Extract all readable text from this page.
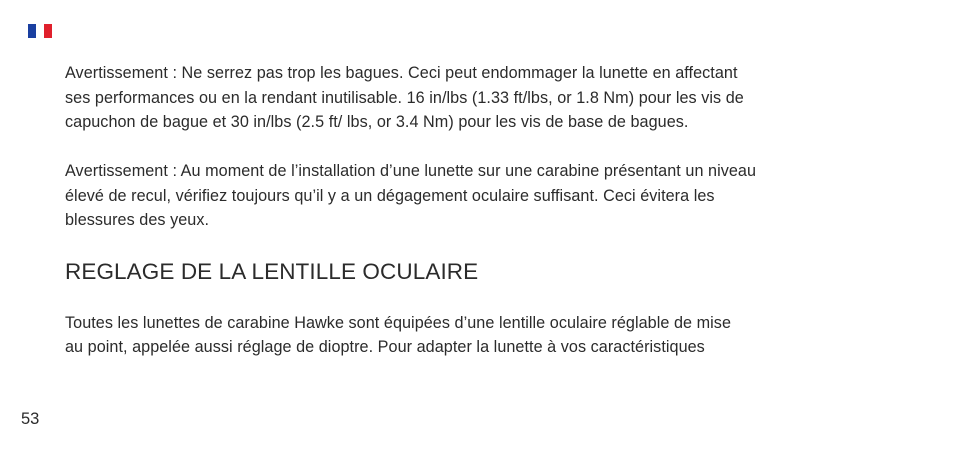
Avertissement : Ne serrez pas trop les bagues. Ceci peut endommager la lunette en affectant
ses performances ou en la rendant inutilisable. 16 in/lbs (1.33 ft/lbs, or 1.8 Nm) pour les vis de
capuchon de bague et 30 in/lbs (2.5 ft/ lbs, or 3.4 Nm) pour les vis de base de bagues.

Avertissement : Au moment de l’installation d’une lunette sur une carabine présentant un niveau
élevé de recul, vérifiez toujours qu’il y a un dégagement oculaire suffisant. Ceci évitera les
blessures des yeux.

REGLAGE DE LA LENTILLE OCULAIRE

Toutes les lunettes de carabine Hawke sont équipées d’une lentille oculaire réglable de mise
au point, appelée aussi réglage de dioptre. Pour adapter la lunette à vos caractéristiques

53
